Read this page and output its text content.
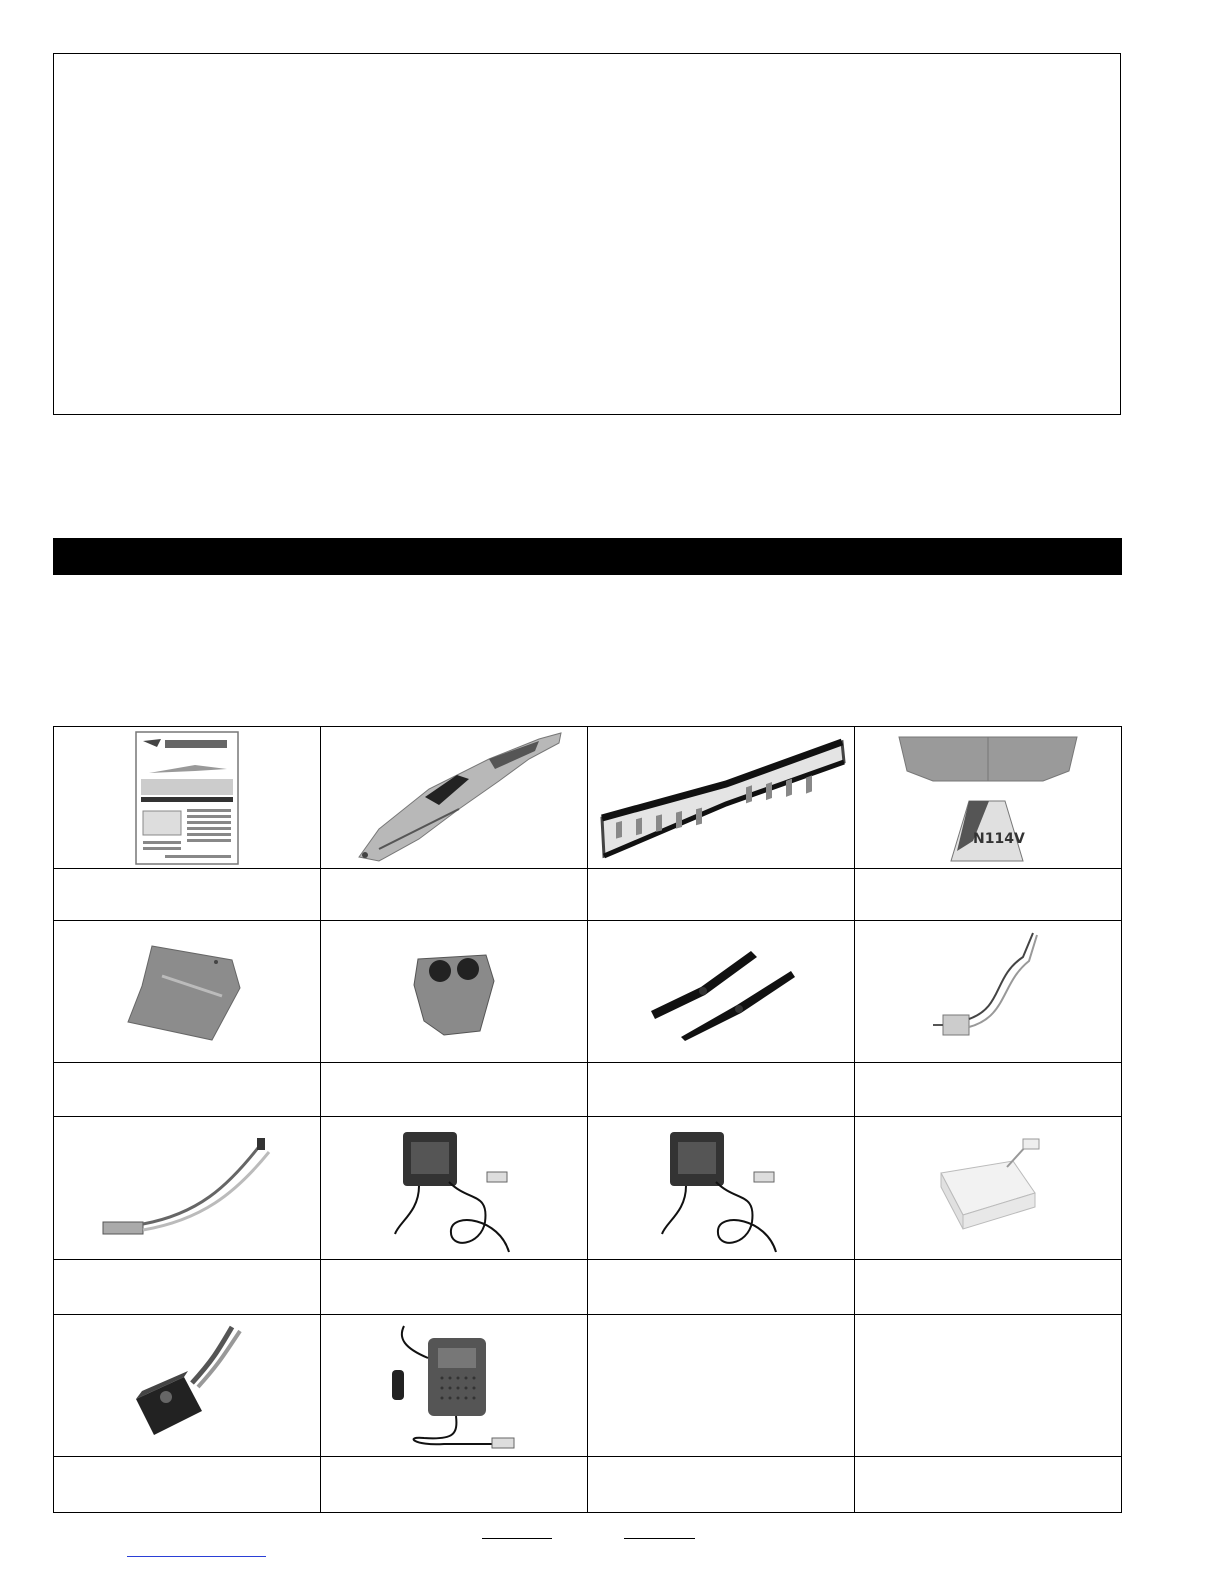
N114V
